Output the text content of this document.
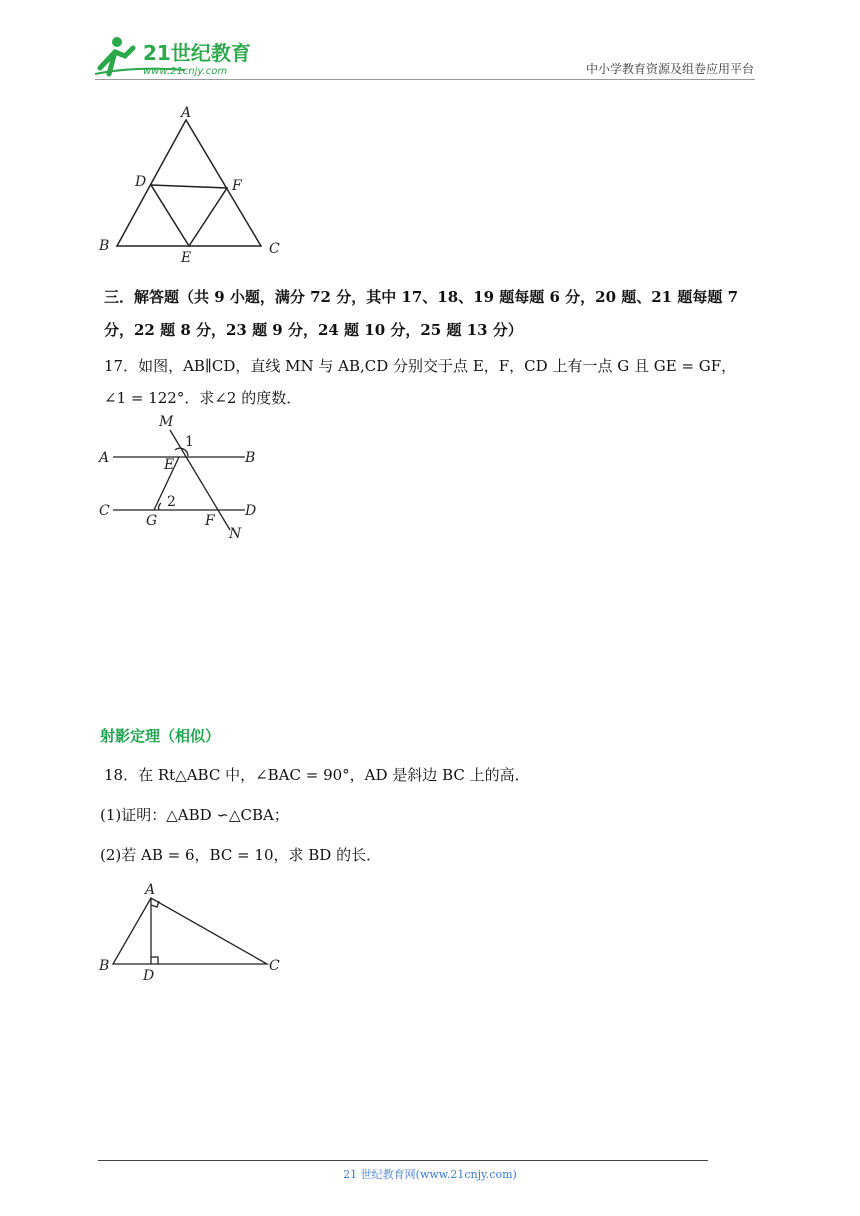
21世纪教育
www.21cnjy.com	中小学教育资源及组卷应用平台
A
B	C
D
E
F
三．解答题（共 9 小题，满分 72 分，其中 17、18、19 题每题 6 分，20 题、21 题每题 7
分，22 题 8 分，23 题 9 分，24 题 10 分，25 题 13 分）
17．如图，AB∥CD，直线 MN 与 AB,CD 分别交于点 E，F，CD 上有一点 G 且 GE = GF，
∠1 = 122°．求∠2 的度数．
M
A	B
E
C	D
G	F
N
1
2
射影定理（相似）
18．在 Rt△ABC 中，∠BAC = 90°，AD 是斜边 BC 上的高．
(1)证明：△ABD ∽△CBA；
(2)若 AB = 6，BC = 10，求 BD 的长．
A
B	C
D
21 世纪教育网(www.21cnjy.com)
